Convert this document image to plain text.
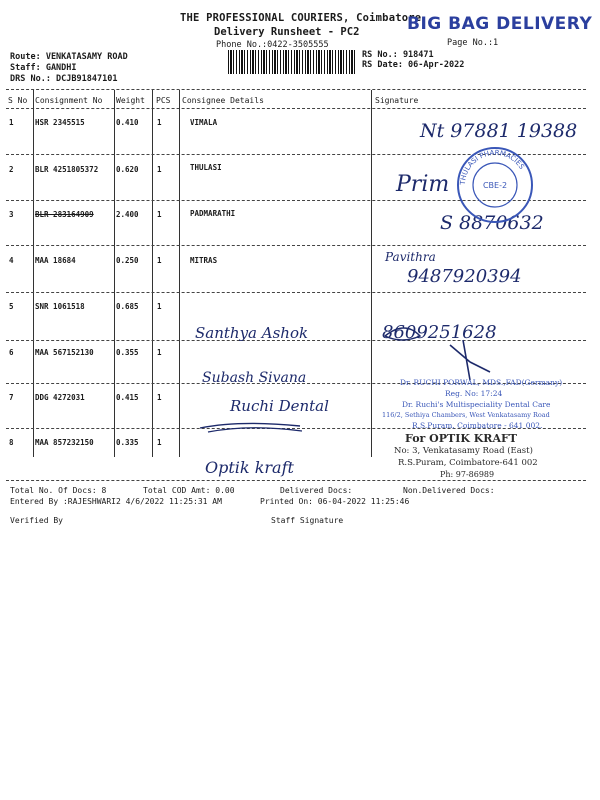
THE PROFESSIONAL COURIERS, Coimbatore
Delivery Runsheet - PC2
Phone No.:0422-3505555
BIG BAG DELIVERY
Page No.:1
Route: VENKATASAMY ROAD
Staff: GANDHI
DRS No.: DCJB91847101
RS No.: 918471
RS Date: 06-Apr-2022
S No Consignment No Weight PCS Consignee Details	Signature
1	HSR 2345515	0.410 1	VIMALA
2	BLR 4251805372 0.620 1	THULASI
3	BLR 283164909	2.400 1	PADMARATHI
4	MAA 18684	0.250 1	MITRAS
5	SNR 1061518	0.685 1
6	MAA 567152130	0.355 1
7	DDG 4272031	0.415 1
8	MAA 857232150	0.335 1
Nt 97881 19388
Prim
S 8870632
Pavithra
9487920394
Santhya Ashok	8609251628
Subash Sivana
Ruchi Dental
Optik kraft
THULASI PHARMACIES
CBE-2
Dr. RUCHI PORWAL, MDS.,FAD(Germany)
Reg. No: 17:24
Dr. Ruchi's Multispeciality Dental Care
116/2, Sethiya Chambers, West Venkatasamy Road
R.S.Puram, Coimbatore - 641 002.
For OPTIK KRAFT
No: 3, Venkatasamy Road (East)
R.S.Puram, Coimbatore-641 002
Ph: 97-86989
Total No. Of Docs: 8	Total COD Amt: 0.00	Delivered Docs:	Non.Delivered Docs:
Entered By :RAJESHWARI2 4/6/2022 11:25:31 AM	Printed On: 06-04-2022 11:25:46
Verified By	Staff Signature
